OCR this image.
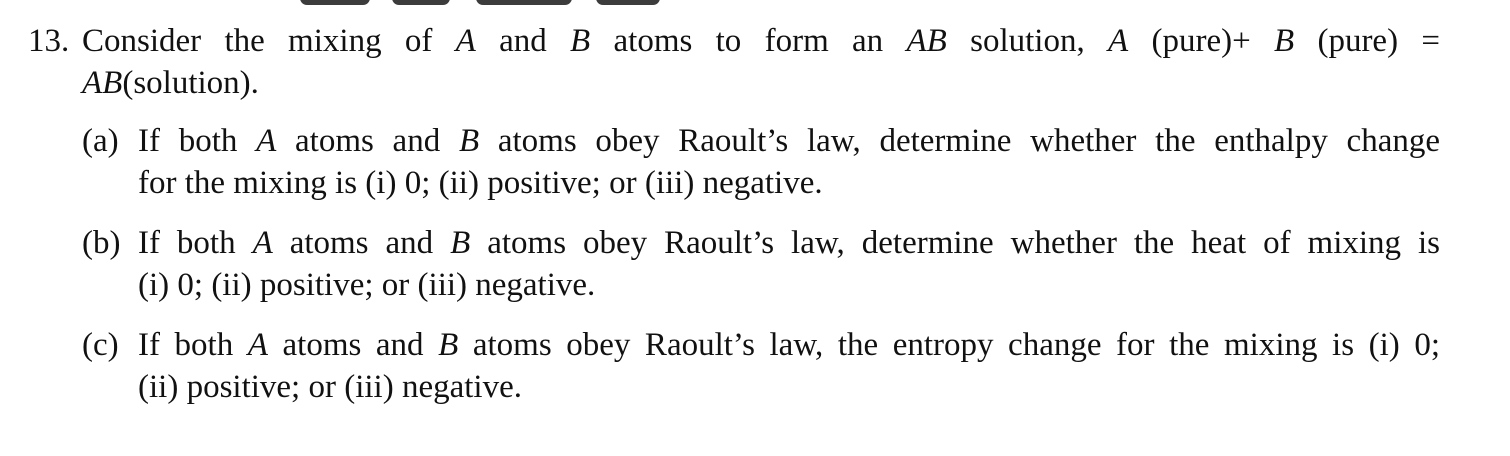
13. Consider the mixing of A and B atoms to form an AB solution, A (pure)+ B (pure) =
AB(solution).
(a) If both A atoms and B atoms obey Raoult’s law, determine whether the enthalpy change
for the mixing is (i) 0; (ii) positive; or (iii) negative.
(b) If both A atoms and B atoms obey Raoult’s law, determine whether the heat of mixing is
(i) 0; (ii) positive; or (iii) negative.
(c) If both A atoms and B atoms obey Raoult’s law, the entropy change for the mixing is (i) 0;
(ii) positive; or (iii) negative.
